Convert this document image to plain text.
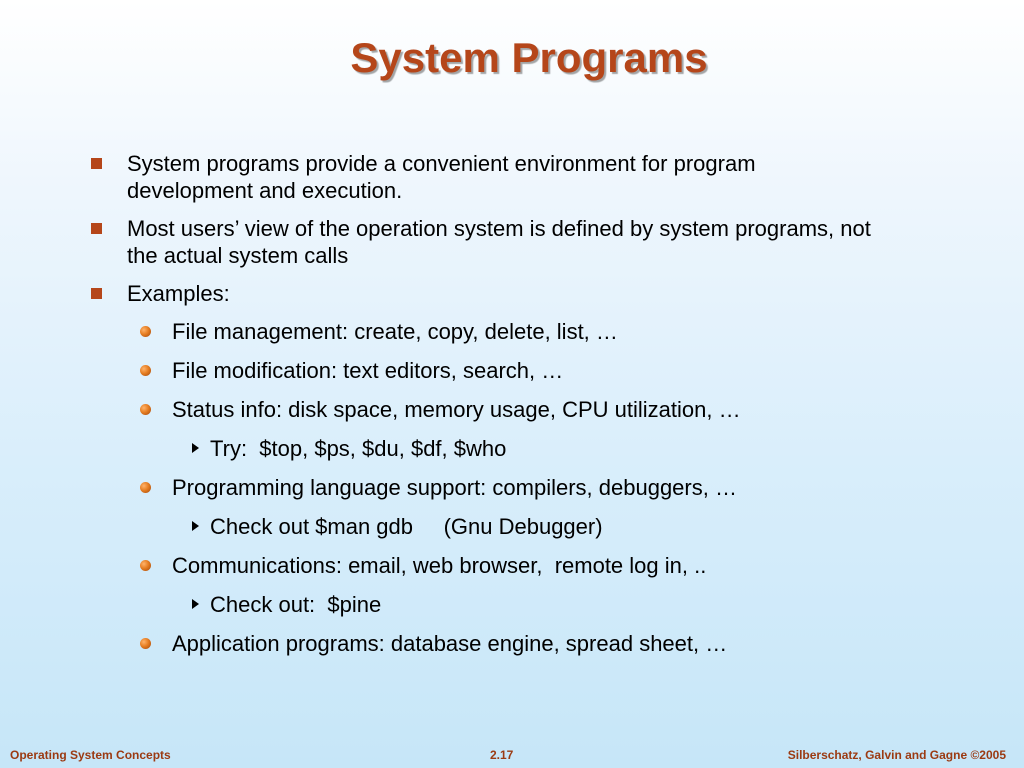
System Programs
System programs provide a convenient environment for program development and execution.
Most users’ view of the operation system is defined by system programs, not the actual system calls
Examples:
File management: create, copy, delete, list, …
File modification: text editors, search, …
Status info: disk space, memory usage, CPU utilization, …
Try:  $top, $ps, $du, $df, $who
Programming language support: compilers, debuggers, …
Check out $man gdb     (Gnu Debugger)
Communications: email, web browser,  remote log in, ..
Check out:  $pine
Application programs: database engine, spread sheet, …
Operating System Concepts	2.17	Silberschatz, Galvin and Gagne ©2005
